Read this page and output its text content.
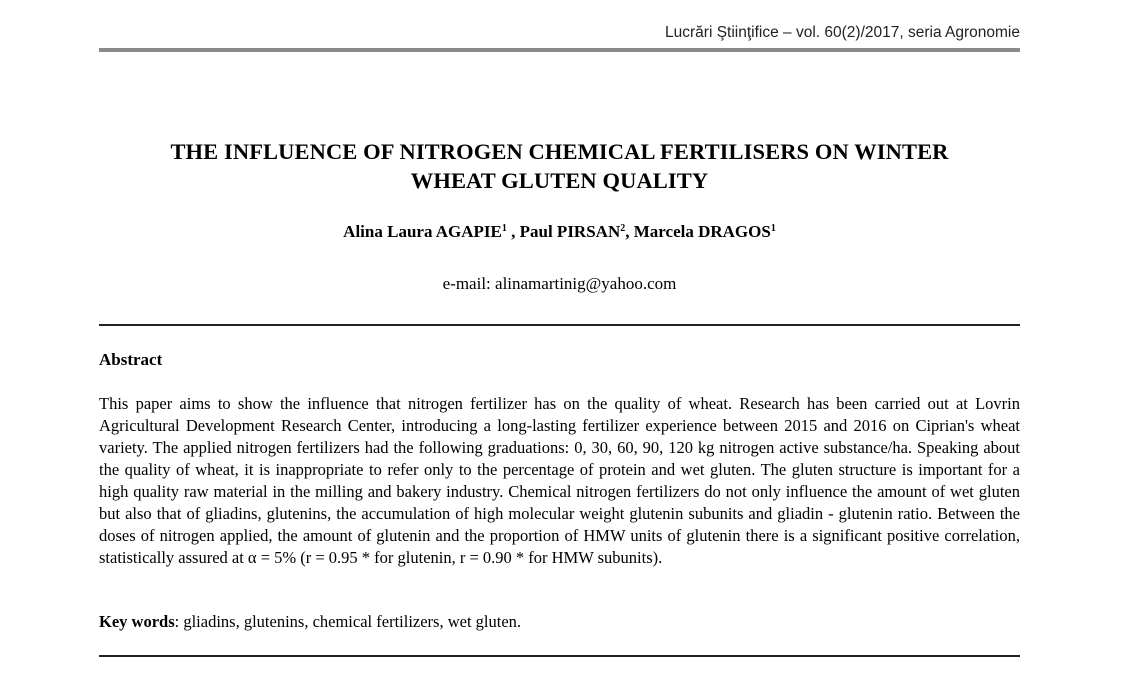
Lucrări Ştiinţifice – vol. 60(2)/2017, seria Agronomie
THE INFLUENCE OF NITROGEN CHEMICAL FERTILISERS ON WINTER
WHEAT GLUTEN QUALITY
Alina Laura AGAPIE$^1$ , Paul PIRSAN$^2$, Marcela DRAGOS$^1$
e-mail: alinamartinig@yahoo.com
Abstract
This paper aims to show the influence that nitrogen fertilizer has on the quality of wheat. Research has been carried out at Lovrin Agricultural Development Research Center, introducing a long-lasting fertilizer experience between 2015 and 2016 on Ciprian's wheat variety. The applied nitrogen fertilizers had the following graduations: 0, 30, 60, 90, 120 kg nitrogen active substance/ha. Speaking about the quality of wheat, it is inappropriate to refer only to the percentage of protein and wet gluten. The gluten structure is important for a high quality raw material in the milling and bakery industry. Chemical nitrogen fertilizers do not only influence the amount of wet gluten but also that of gliadins, glutenins, the accumulation of high molecular weight glutenin subunits and gliadin - glutenin ratio. Between the doses of nitrogen applied, the amount of glutenin and the proportion of HMW units of glutenin there is a significant positive correlation, statistically assured at α = 5% (r = 0.95 * for glutenin, r = 0.90 * for HMW subunits).
Key words: gliadins, glutenins, chemical fertilizers, wet gluten.
